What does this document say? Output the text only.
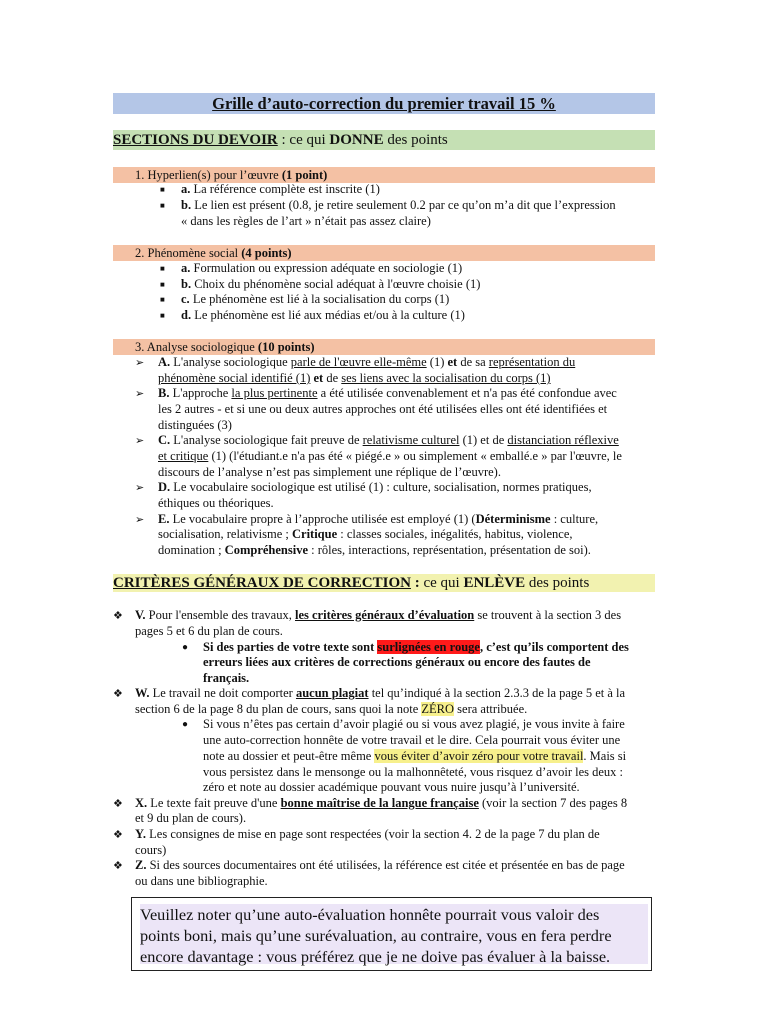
Grille d’auto-correction du premier travail 15 %
SECTIONS DU DEVOIR : ce qui DONNE des points
1. Hyperlien(s) pour l’œuvre (1 point)
■ a. La référence complète est inscrite (1)
■ b. Le lien est présent (0.8, je retire seulement 0.2 par ce qu’on m’a dit que l’expression
« dans les règles de l’art » n’était pas assez claire)
2. Phénomène social (4 points)
■ a. Formulation ou expression adéquate en sociologie (1)
■ b. Choix du phénomène social adéquat à l'œuvre choisie (1)
■ c. Le phénomène est lié à la socialisation du corps (1)
■ d. Le phénomène est lié aux médias et/ou à la culture (1)
3. Analyse sociologique (10 points)
➢ A. L'analyse sociologique parle de l'œuvre elle-même (1) et de sa représentation du
phénomène social identifié (1) et de ses liens avec la socialisation du corps (1)
➢ B. L'approche la plus pertinente a été utilisée convenablement et n'a pas été confondue avec
les 2 autres - et si une ou deux autres approches ont été utilisées elles ont été identifiées et
distinguées (3)
➢ C. L'analyse sociologique fait preuve de relativisme culturel (1) et de distanciation réflexive
et critique (1) (l'étudiant.e n'a pas été « piégé.e » ou simplement « emballé.e » par l'œuvre, le
discours de l’analyse n’est pas simplement une réplique de l’œuvre).
➢ D. Le vocabulaire sociologique est utilisé (1) : culture, socialisation, normes pratiques,
éthiques ou théoriques.
➢ E. Le vocabulaire propre à l’approche utilisée est employé (1) (Déterminisme : culture,
socialisation, relativisme ; Critique : classes sociales, inégalités, habitus, violence,
domination ; Compréhensive : rôles, interactions, représentation, présentation de soi).
CRITÈRES GÉNÉRAUX DE CORRECTION : ce qui ENLÈVE des points
❖ V. Pour l'ensemble des travaux, les critères généraux d’évaluation se trouvent à la section 3 des
pages 5 et 6 du plan de cours.
● Si des parties de votre texte sont surlignées en rouge, c’est qu’ils comportent des
erreurs liées aux critères de corrections généraux ou encore des fautes de
français.
❖ W. Le travail ne doit comporter aucun plagiat tel qu’indiqué à la section 2.3.3 de la page 5 et à la
section 6 de la page 8 du plan de cours, sans quoi la note ZÉRO sera attribuée.
● Si vous n’êtes pas certain d’avoir plagié ou si vous avez plagié, je vous invite à faire
une auto-correction honnête de votre travail et le dire. Cela pourrait vous éviter une
note au dossier et peut-être même vous éviter d’avoir zéro pour votre travail. Mais si
vous persistez dans le mensonge ou la malhonnêteté, vous risquez d’avoir les deux :
zéro et note au dossier académique pouvant vous nuire jusqu’à l’université.
❖ X. Le texte fait preuve d'une bonne maîtrise de la langue française (voir la section 7 des pages 8
et 9 du plan de cours).
❖ Y. Les consignes de mise en page sont respectées (voir la section 4. 2 de la page 7 du plan de
cours)
❖ Z. Si des sources documentaires ont été utilisées, la référence est citée et présentée en bas de page
ou dans une bibliographie.
Veuillez noter qu’une auto-évaluation honnête pourrait vous valoir des
points boni, mais qu’une surévaluation, au contraire, vous en fera perdre
encore davantage : vous préférez que je ne doive pas évaluer à la baisse.
